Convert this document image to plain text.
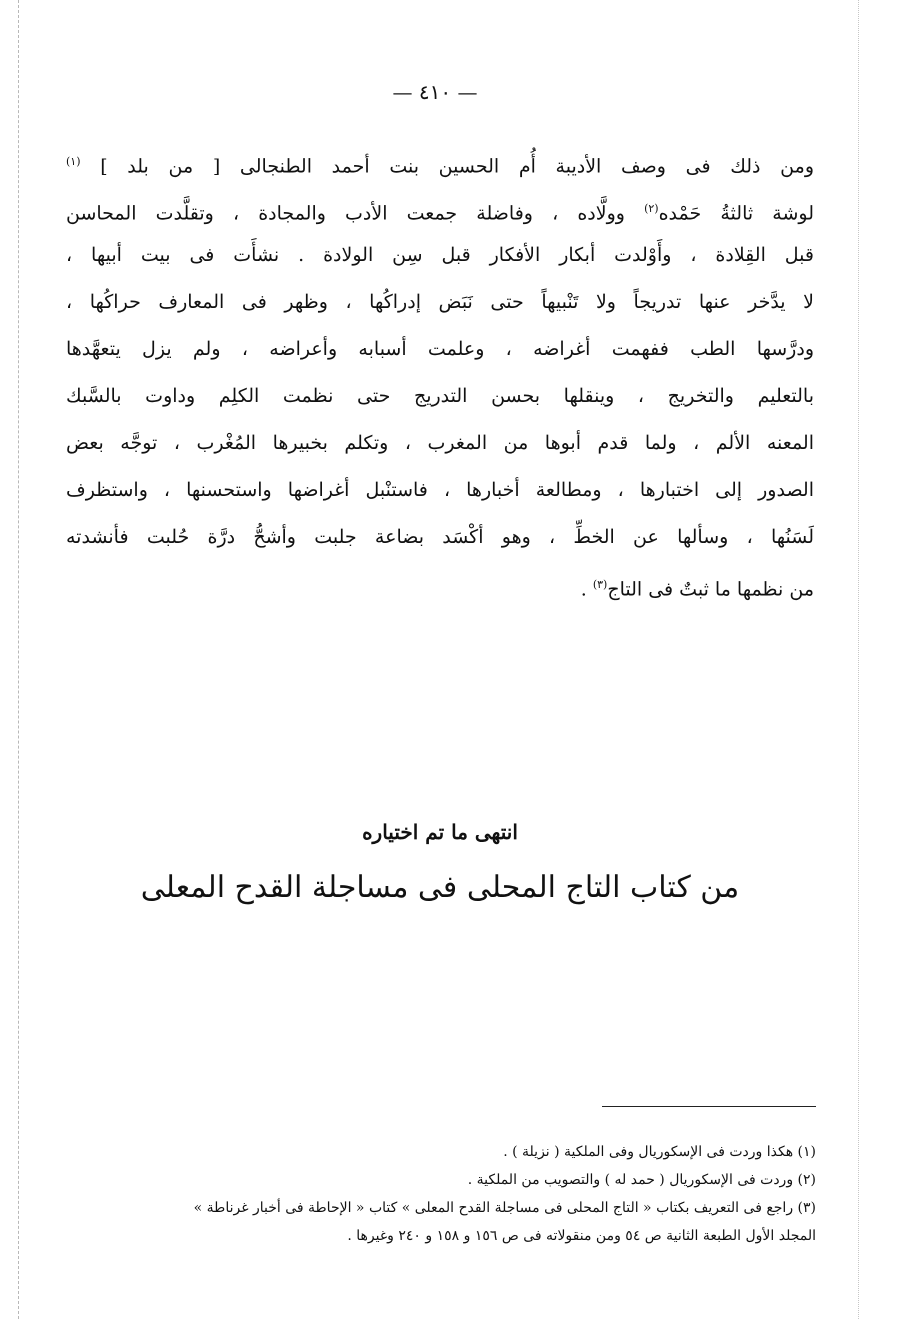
— ٤١٠ —
ومن ذلك فى وصف الأديبة أُم الحسين بنت أحمد الطنجالى [ من بلد ] $^{(١)}$
لوشة ثالثةُ حَمْده$^{(٢)}$ وولَّاده ، وفاضلة جمعت الأدب والمجادة ، وتقلَّدت المحاسن
قبل القِلادة ، وأَوْلدت أبكار الأفكار قبل سِن الولادة . نشأَت فى بيت أبيها ،
لا يدَّخر عنها تدريجاً ولا تَنْبيهاً حتى نَبَض إدراكُها ، وظهر فى المعارف حراكُها ،
ودرَّسها الطب ففهمت أغراضه ، وعلمت أسبابه وأعراضه ، ولم يزل يتعهَّدها
بالتعليم والتخريج ، وينقلها بحسن التدريج حتى نظمت الكلِم وداوت بالسَّبك
المعنه الألم ، ولما قدم أبوها من المغرب ، وتكلم بخبيرها المُغْرب ، توجَّه بعض
الصدور إلى اختبارها ، ومطالعة أخبارها ، فاستنْبل أغراضها واستحسنها ، واستظرف
لَسَنُها ، وسألها عن الخطِّ ، وهو أكْسَد بضاعة جلبت وأشحُّ درَّة حُلبت فأنشدته
من نظمها ما ثبتٌ فى التاج$^{(٣)}$ .
انتهى ما تم اختياره
من كتاب التاج المحلى فى مساجلة القدح المعلى
(١) هكذا وردت فى الإسكوريال وفى الملكية ( نزيلة ) .
(٢) وردت فى الإسكوريال ( حمد له ) والتصويب من الملكية .
(٣) راجع فى التعريف بكتاب « التاج المحلى فى مساجلة القدح المعلى » كتاب « الإحاطة فى أخبار غرناطة »
المجلد الأول الطبعة الثانية ص ٥٤ ومن منقولاته فى ص ١٥٦ و ١٥٨ و ٢٤٠ وغيرها .
